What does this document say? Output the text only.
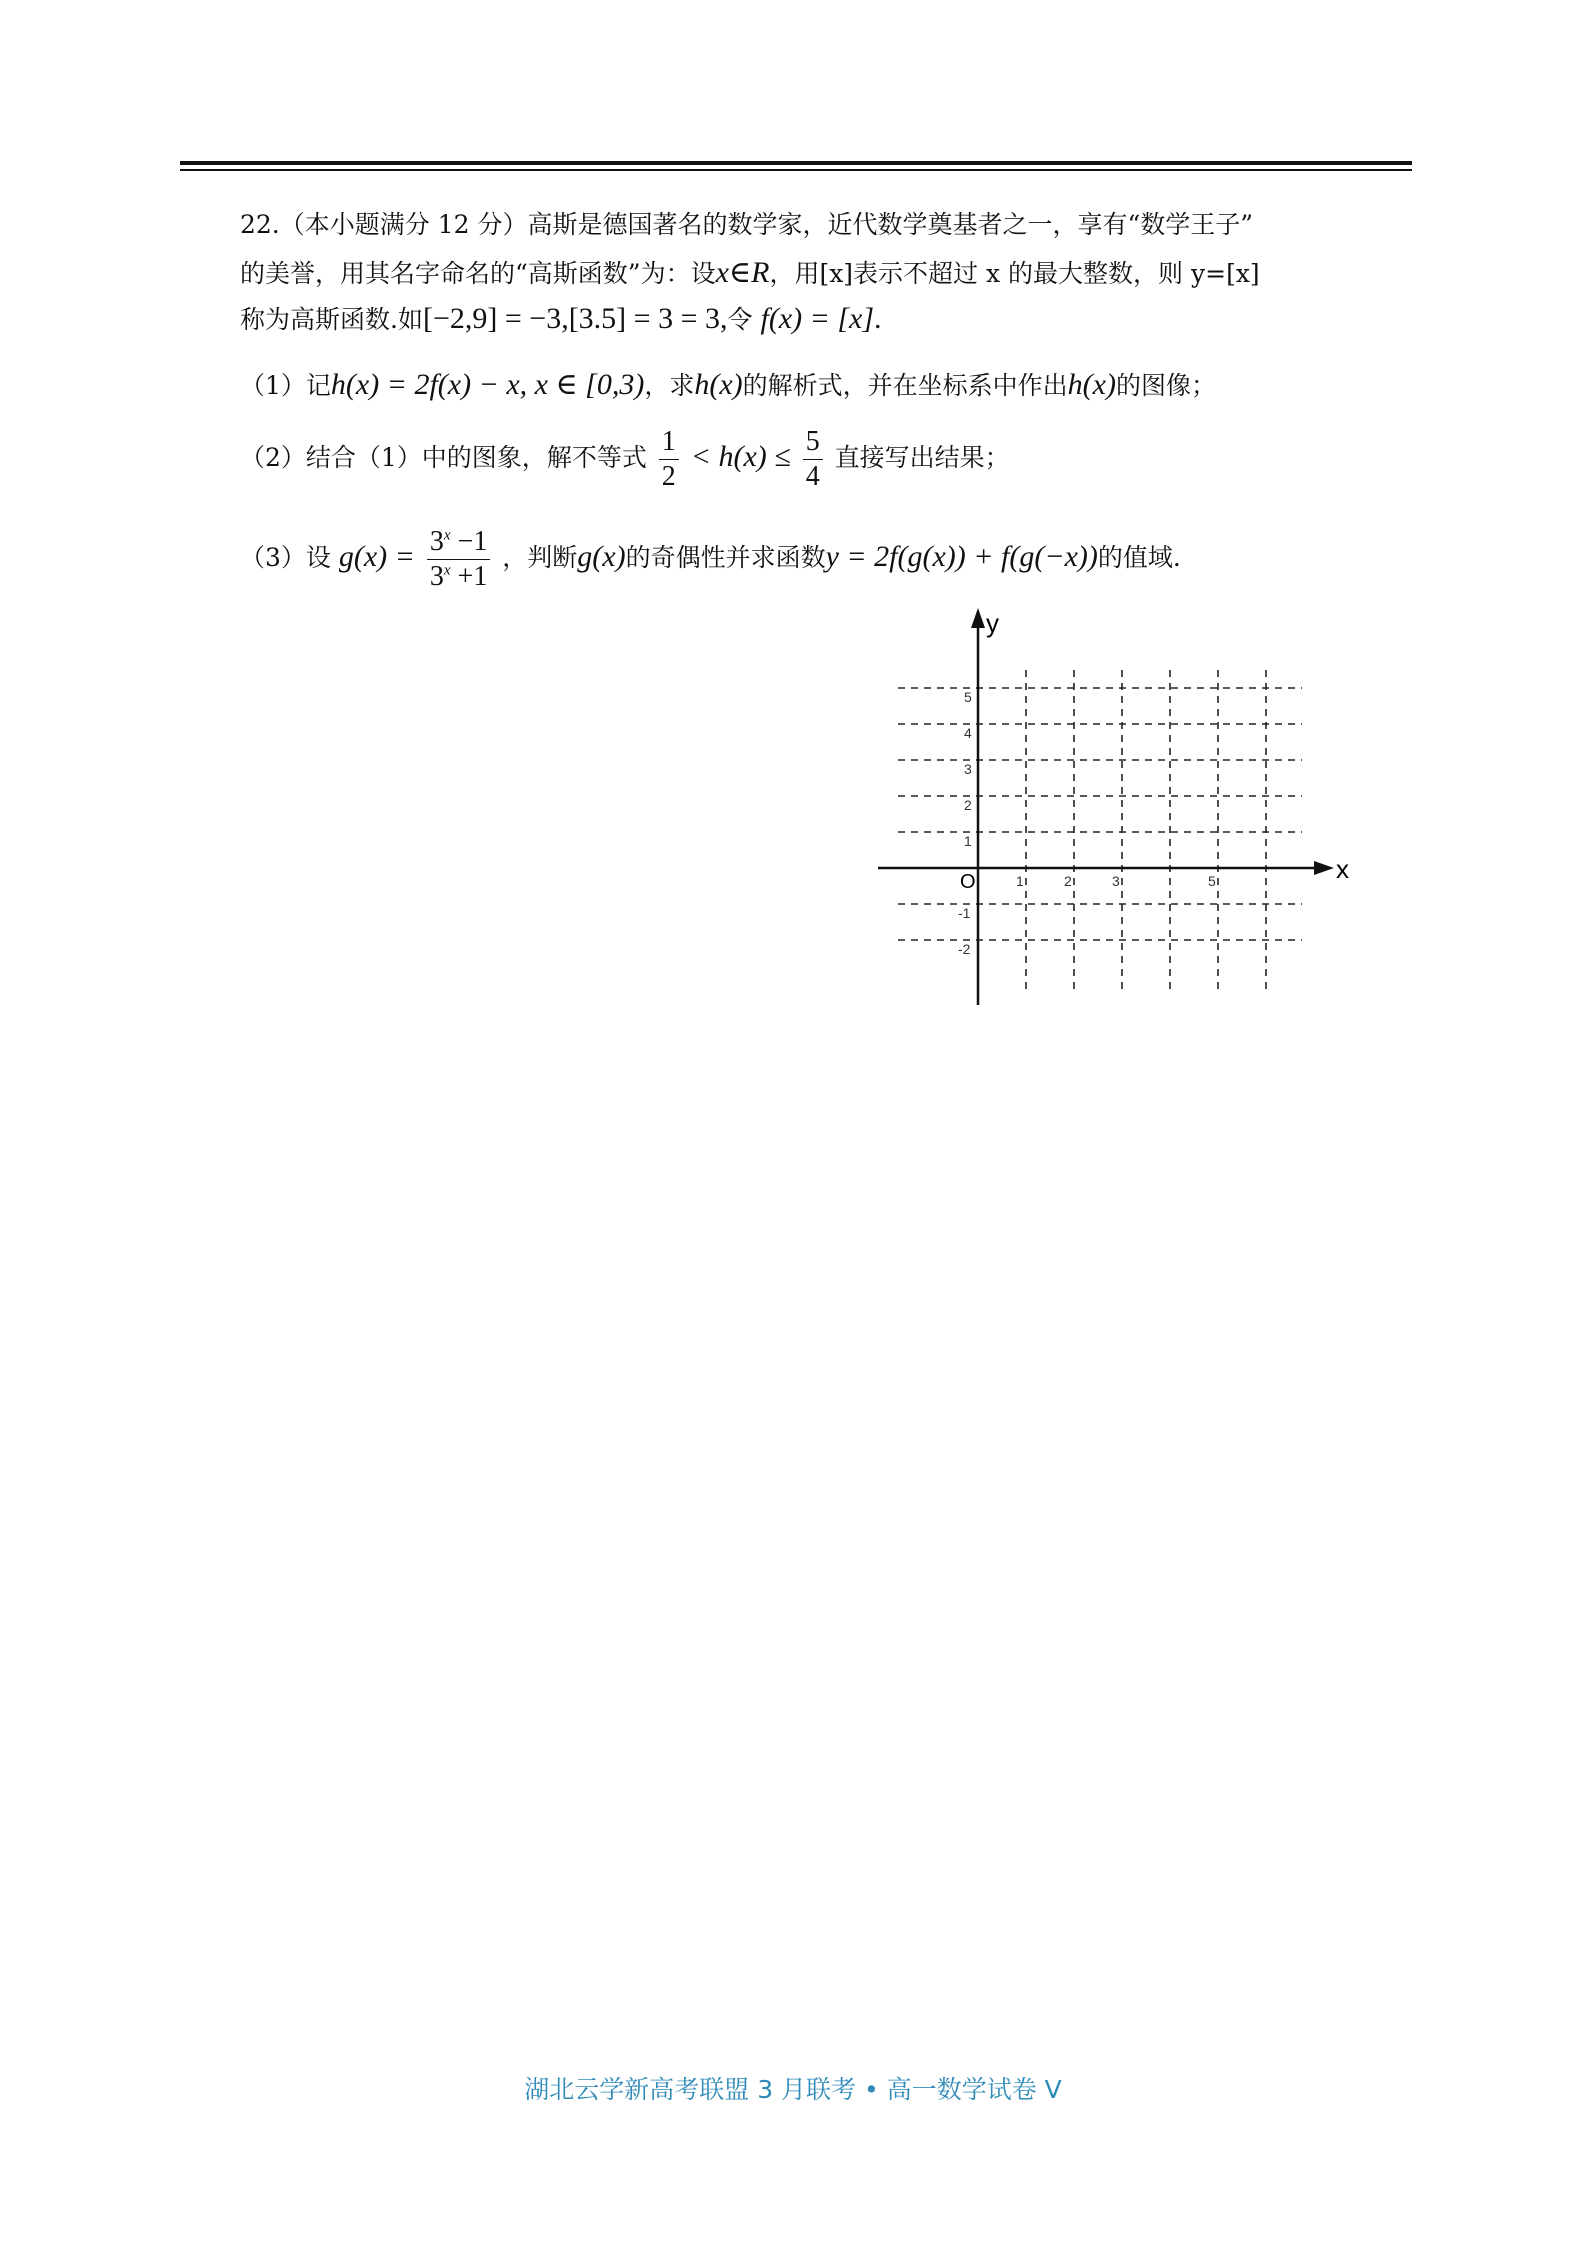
22.（本小题满分 12 分）高斯是德国著名的数学家，近代数学奠基者之一，享有“数学王子”
的美誉，用其名字命名的“高斯函数”为：设x∈R，用[x]表示不超过 x 的最大整数，则 y=[x]
称为高斯函数.如[−2,9] = −3,[3.5] = 3 = 3,令 f(x) = [x].
（1）记h(x) = 2f(x) − x, x ∈ [0,3)，求h(x)的解析式，并在坐标系中作出h(x)的图像；
（2）结合（1）中的图象，解不等式 $\frac{1}{2} < h(x) \le \frac{5}{4}$ 直接写出结果；
（3）设 $g(x) = \frac{3^x -1}{3^x +1}$ ，判断g(x)的奇偶性并求函数y = 2f(g(x)) + f(g(−x))的值域.
x
y
O	1	2	3	5
1
2
3
4
5
-1
-2
湖北云学新高考联盟 3 月联考 • 高一数学试卷 V
